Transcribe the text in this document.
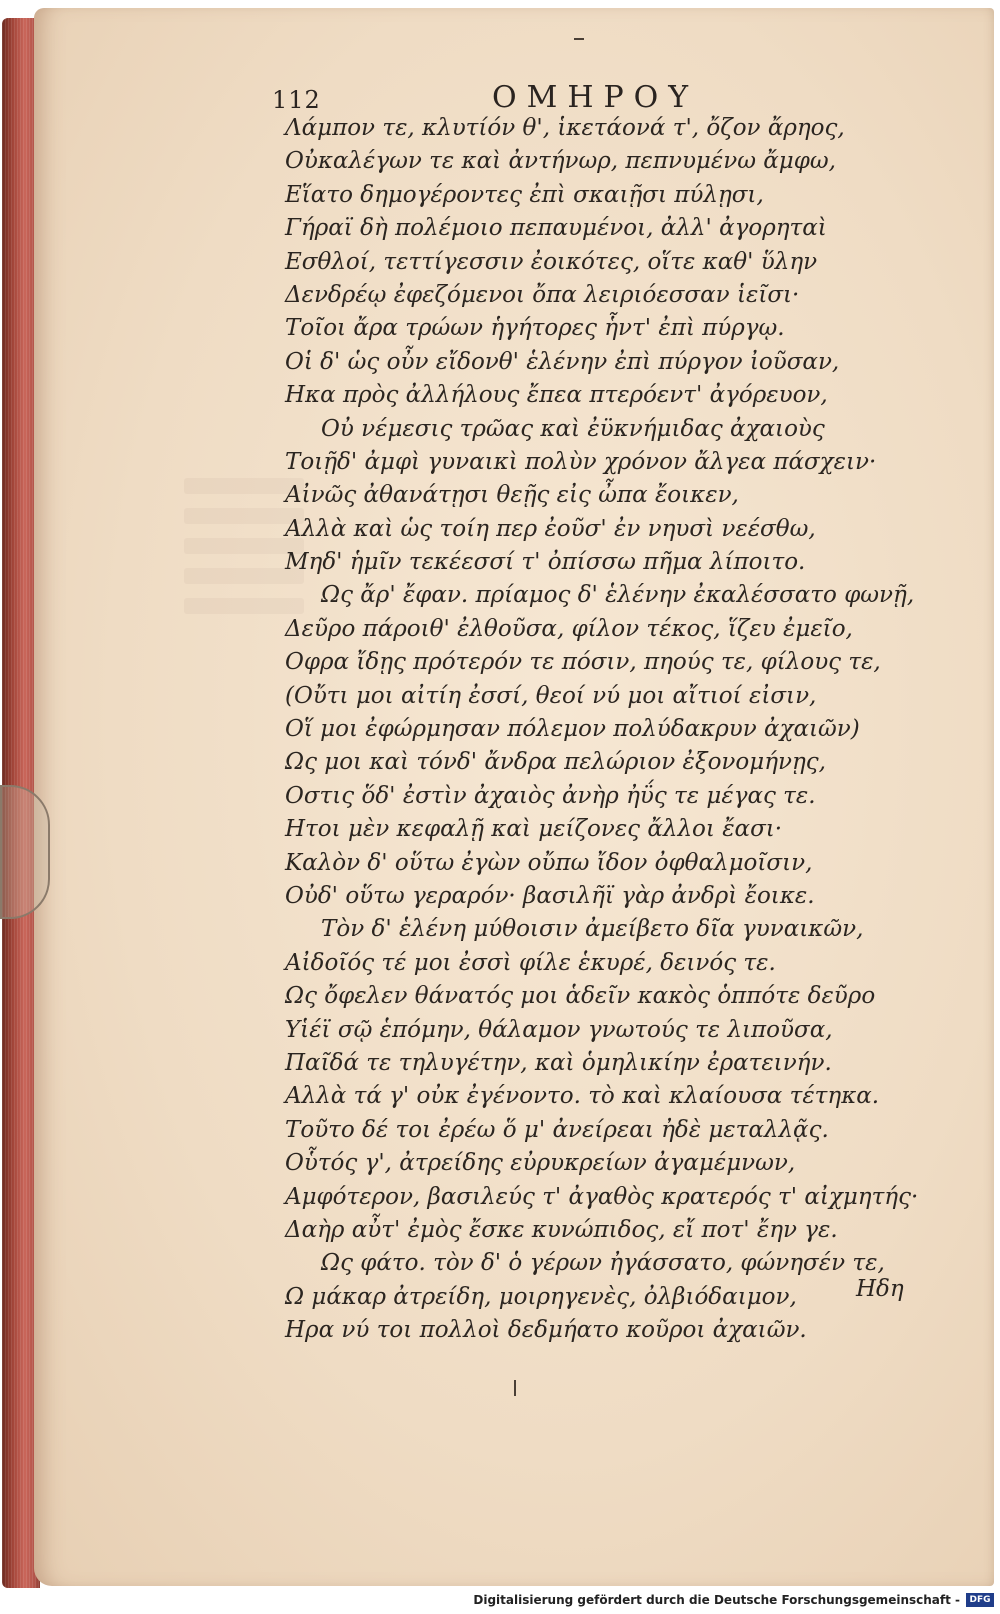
112	ΟΜΗΡΟΥ
Λάμπον τε, κλυτίόν θ', ἱκετάονά τ', ὄζον ἄρηος,
Οὐκαλέγων τε καὶ ἀντήνωρ, πεπνυμένω ἄμφω,
Εἵατο δημογέροντες ἐπὶ σκαιῇσι πύλῃσι,
Γήραϊ δὴ πολέμοιο πεπαυμένοι, ἀλλ' ἀγορηταὶ
Εσθλοί, τεττίγεσσιν ἐοικότες, οἵτε καθ' ὕλην
Δενδρέῳ ἐφεζόμενοι ὄπα λειριόεσσαν ἱεῖσι·
Τοῖοι ἄρα τρώων ἡγήτορες ἧντ' ἐπὶ πύργῳ.
Οἱ δ' ὡς οὖν εἴδονθ' ἑλένην ἐπὶ πύργον ἰοῦσαν,
Ηκα πρὸς ἀλλήλους ἔπεα πτερόεντ' ἀγόρευον,
Οὐ νέμεσις τρῶας καὶ ἐϋκνήμιδας ἀχαιοὺς
Τοιῇδ' ἀμφὶ γυναικὶ πολὺν χρόνον ἄλγεα πάσχειν·
Αἰνῶς ἀθανάτῃσι θεῇς εἰς ὦπα ἔοικεν,
Αλλὰ καὶ ὡς τοίη περ ἐοῦσ' ἐν νηυσὶ νεέσθω,
Μηδ' ἡμῖν τεκέεσσί τ' ὀπίσσω πῆμα λίποιτο.
Ως ἄρ' ἔφαν. πρίαμος δ' ἑλένην ἐκαλέσσατο φωνῇ,
Δεῦρο πάροιθ' ἐλθοῦσα, φίλον τέκος, ἵζευ ἐμεῖο,
Οφρα ἴδῃς πρότερόν τε πόσιν, πηούς τε, φίλους τε,
(Οὔτι μοι αἰτίη ἐσσί, θεοί νύ μοι αἴτιοί εἰσιν,
Οἵ μοι ἐφώρμησαν πόλεμον πολύδακρυν ἀχαιῶν)
Ως μοι καὶ τόνδ' ἄνδρα πελώριον ἐξονομήνῃς,
Οστις ὅδ' ἐστὶν ἀχαιὸς ἀνὴρ ἠΰς τε μέγας τε.
Ητοι μὲν κεφαλῇ καὶ μείζονες ἄλλοι ἔασι·
Καλὸν δ' οὕτω ἐγὼν οὔπω ἴδον ὀφθαλμοῖσιν,
Οὐδ' οὕτω γεραρόν· βασιλῆϊ γὰρ ἀνδρὶ ἔοικε.
Τὸν δ' ἑλένη μύθοισιν ἀμείβετο δῖα γυναικῶν,
Αἰδοῖός τέ μοι ἐσσὶ φίλε ἑκυρέ, δεινός τε.
Ως ὄφελεν θάνατός μοι ἁδεῖν κακὸς ὁππότε δεῦρο
Υἱέϊ σῷ ἑπόμην, θάλαμον γνωτούς τε λιποῦσα,
Παῖδά τε τηλυγέτην, καὶ ὁμηλικίην ἐρατεινήν.
Αλλὰ τά γ' οὐκ ἐγένοντο. τὸ καὶ κλαίουσα τέτηκα.
Τοῦτο δέ τοι ἐρέω ὅ μ' ἀνείρεαι ἠδὲ μεταλλᾷς.
Οὗτός γ', ἀτρείδης εὐρυκρείων ἀγαμέμνων,
Αμφότερον, βασιλεύς τ' ἀγαθὸς κρατερός τ' αἰχμητής·
Δαὴρ αὖτ' ἐμὸς ἔσκε κυνώπιδος, εἴ ποτ' ἔην γε.
Ως φάτο. τὸν δ' ὁ γέρων ἠγάσσατο, φώνησέν τε,
Ω μάκαρ ἀτρείδη, μοιρηγενὲς, ὀλβιόδαιμον,
Ηρα νύ τοι πολλοὶ δεδμήατο κοῦροι ἀχαιῶν.
Ηδη
Digitalisierung gefördert durch die Deutsche Forschungsgemeinschaft -	DFG
